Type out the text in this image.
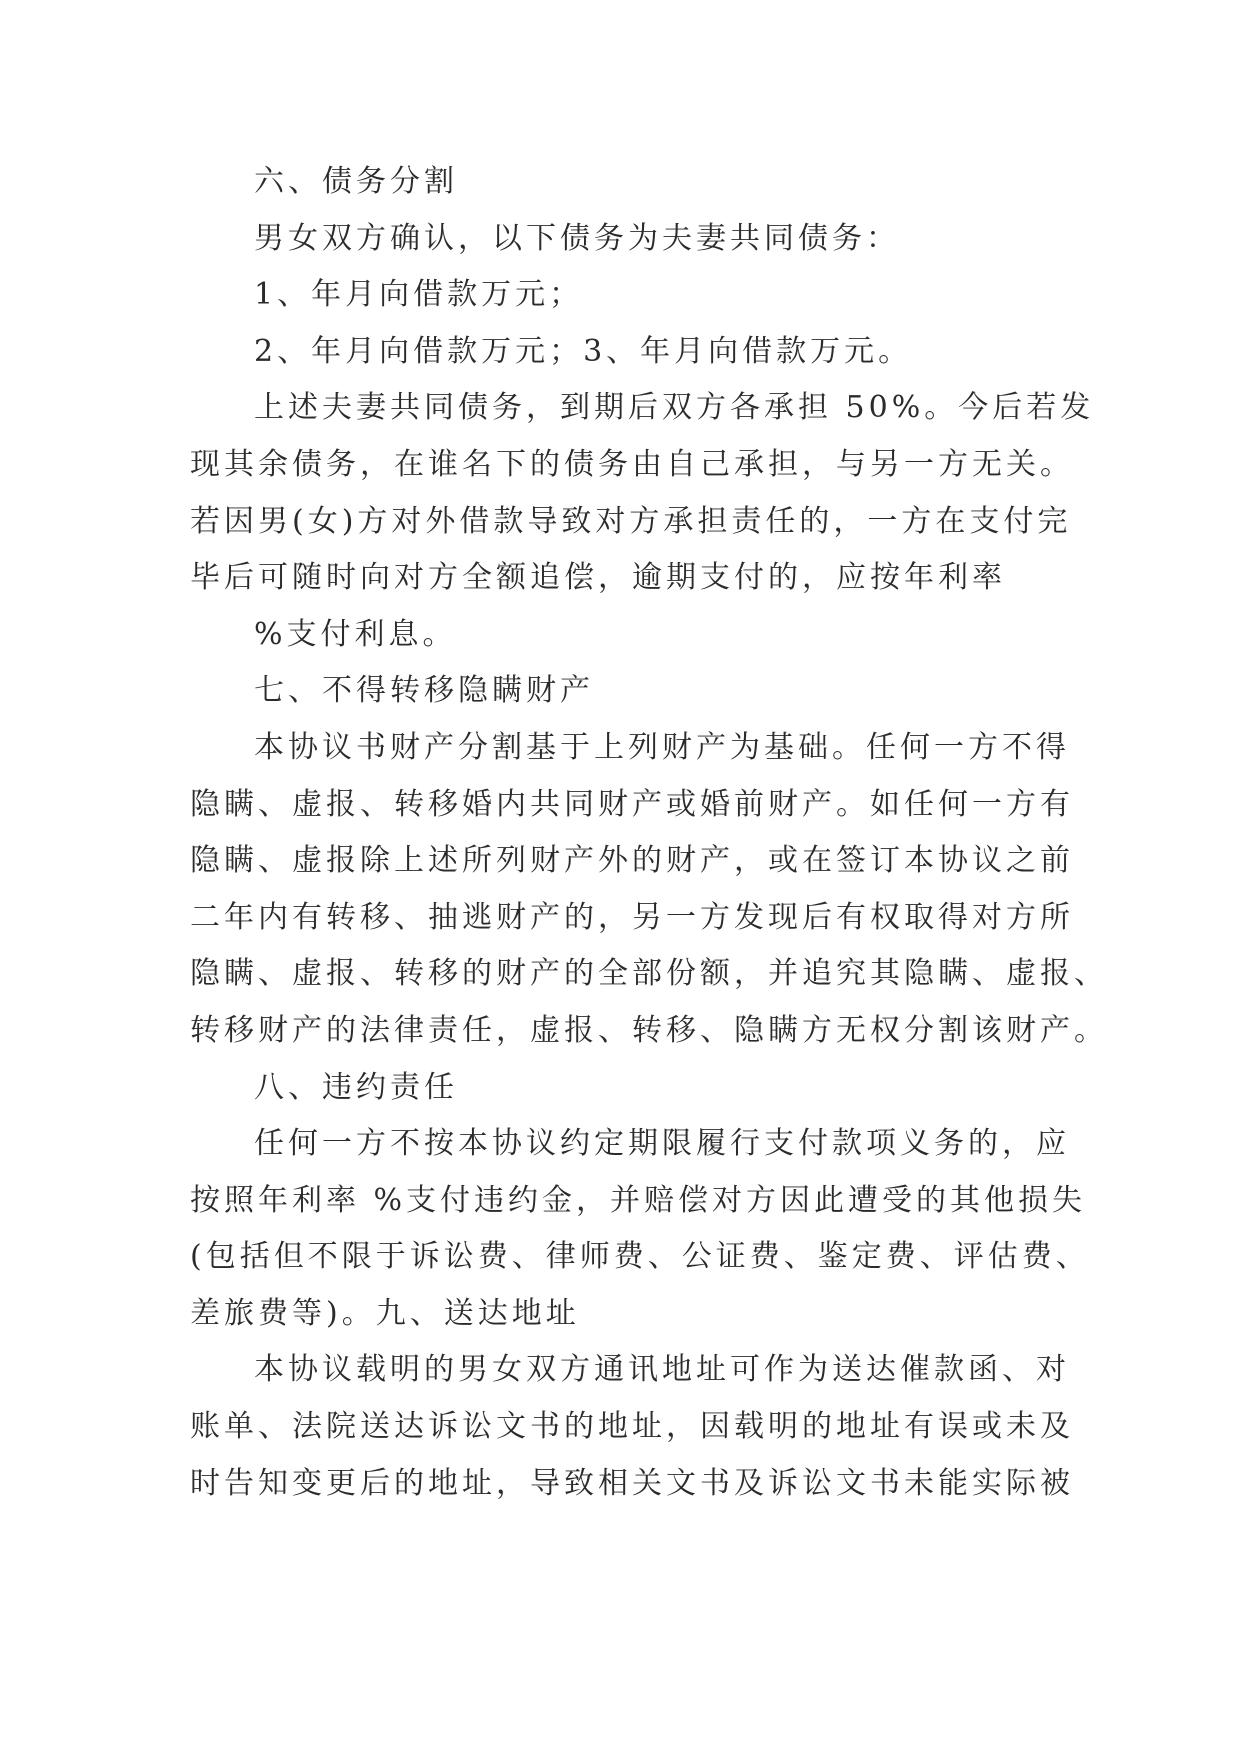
六、债务分割
男女双方确认，以下债务为夫妻共同债务：
1、年月向借款万元；
2、年月向借款万元；3、年月向借款万元。
上述夫妻共同债务，到期后双方各承担 50%。今后若发
现其余债务，在谁名下的债务由自己承担，与另一方无关。
若因男(女)方对外借款导致对方承担责任的，一方在支付完
毕后可随时向对方全额追偿，逾期支付的，应按年利率
%支付利息。
七、不得转移隐瞒财产
本协议书财产分割基于上列财产为基础。任何一方不得
隐瞒、虚报、转移婚内共同财产或婚前财产。如任何一方有
隐瞒、虚报除上述所列财产外的财产，或在签订本协议之前
二年内有转移、抽逃财产的，另一方发现后有权取得对方所
隐瞒、虚报、转移的财产的全部份额，并追究其隐瞒、虚报、
转移财产的法律责任，虚报、转移、隐瞒方无权分割该财产。
八、违约责任
任何一方不按本协议约定期限履行支付款项义务的，应
按照年利率 %支付违约金，并赔偿对方因此遭受的其他损失
(包括但不限于诉讼费、律师费、公证费、鉴定费、评估费、
差旅费等)。九、送达地址
本协议载明的男女双方通讯地址可作为送达催款函、对
账单、法院送达诉讼文书的地址，因载明的地址有误或未及
时告知变更后的地址，导致相关文书及诉讼文书未能实际被
